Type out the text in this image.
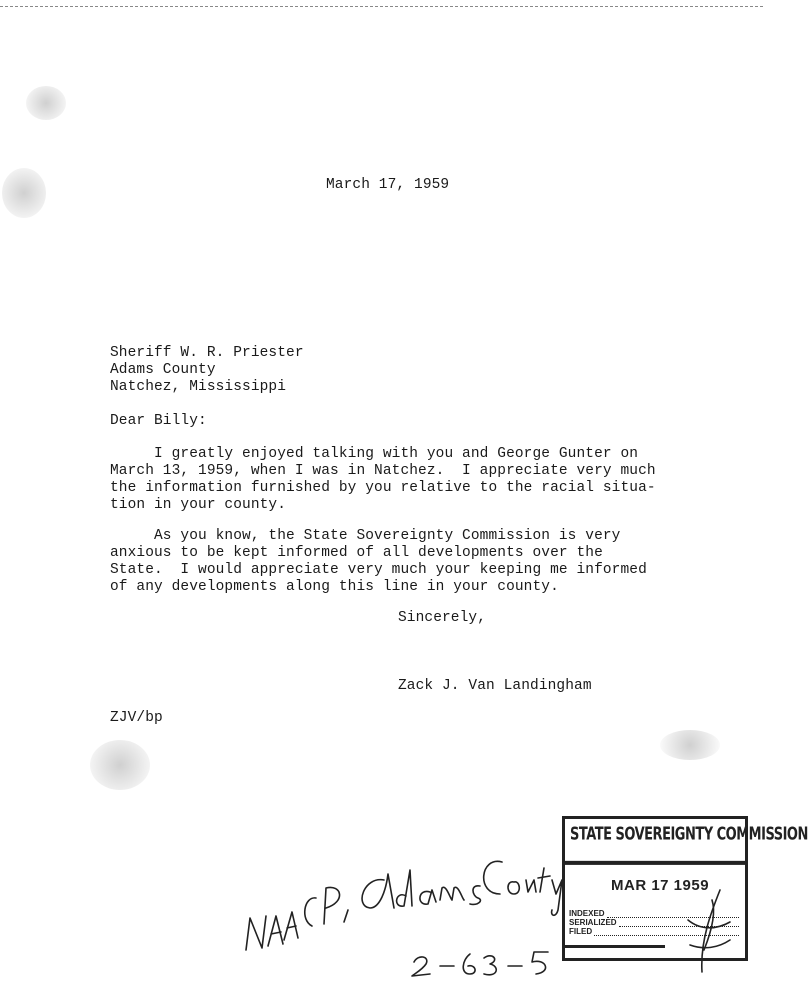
March 17, 1959
Sheriff W. R. Priester
Adams County
Natchez, Mississippi
Dear Billy:
I greatly enjoyed talking with you and George Gunter on
March 13, 1959, when I was in Natchez.  I appreciate very much
the information furnished by you relative to the racial situa-
tion in your county.
As you know, the State Sovereignty Commission is very
anxious to be kept informed of all developments over the
State.  I would appreciate very much your keeping me informed
of any developments along this line in your county.
Sincerely,
Zack J. Van Landingham
ZJV/bp
STATE SOVEREIGNTY COMMISSION
MAR 17 1959
INDEXED
SERIALIZED
FILED
